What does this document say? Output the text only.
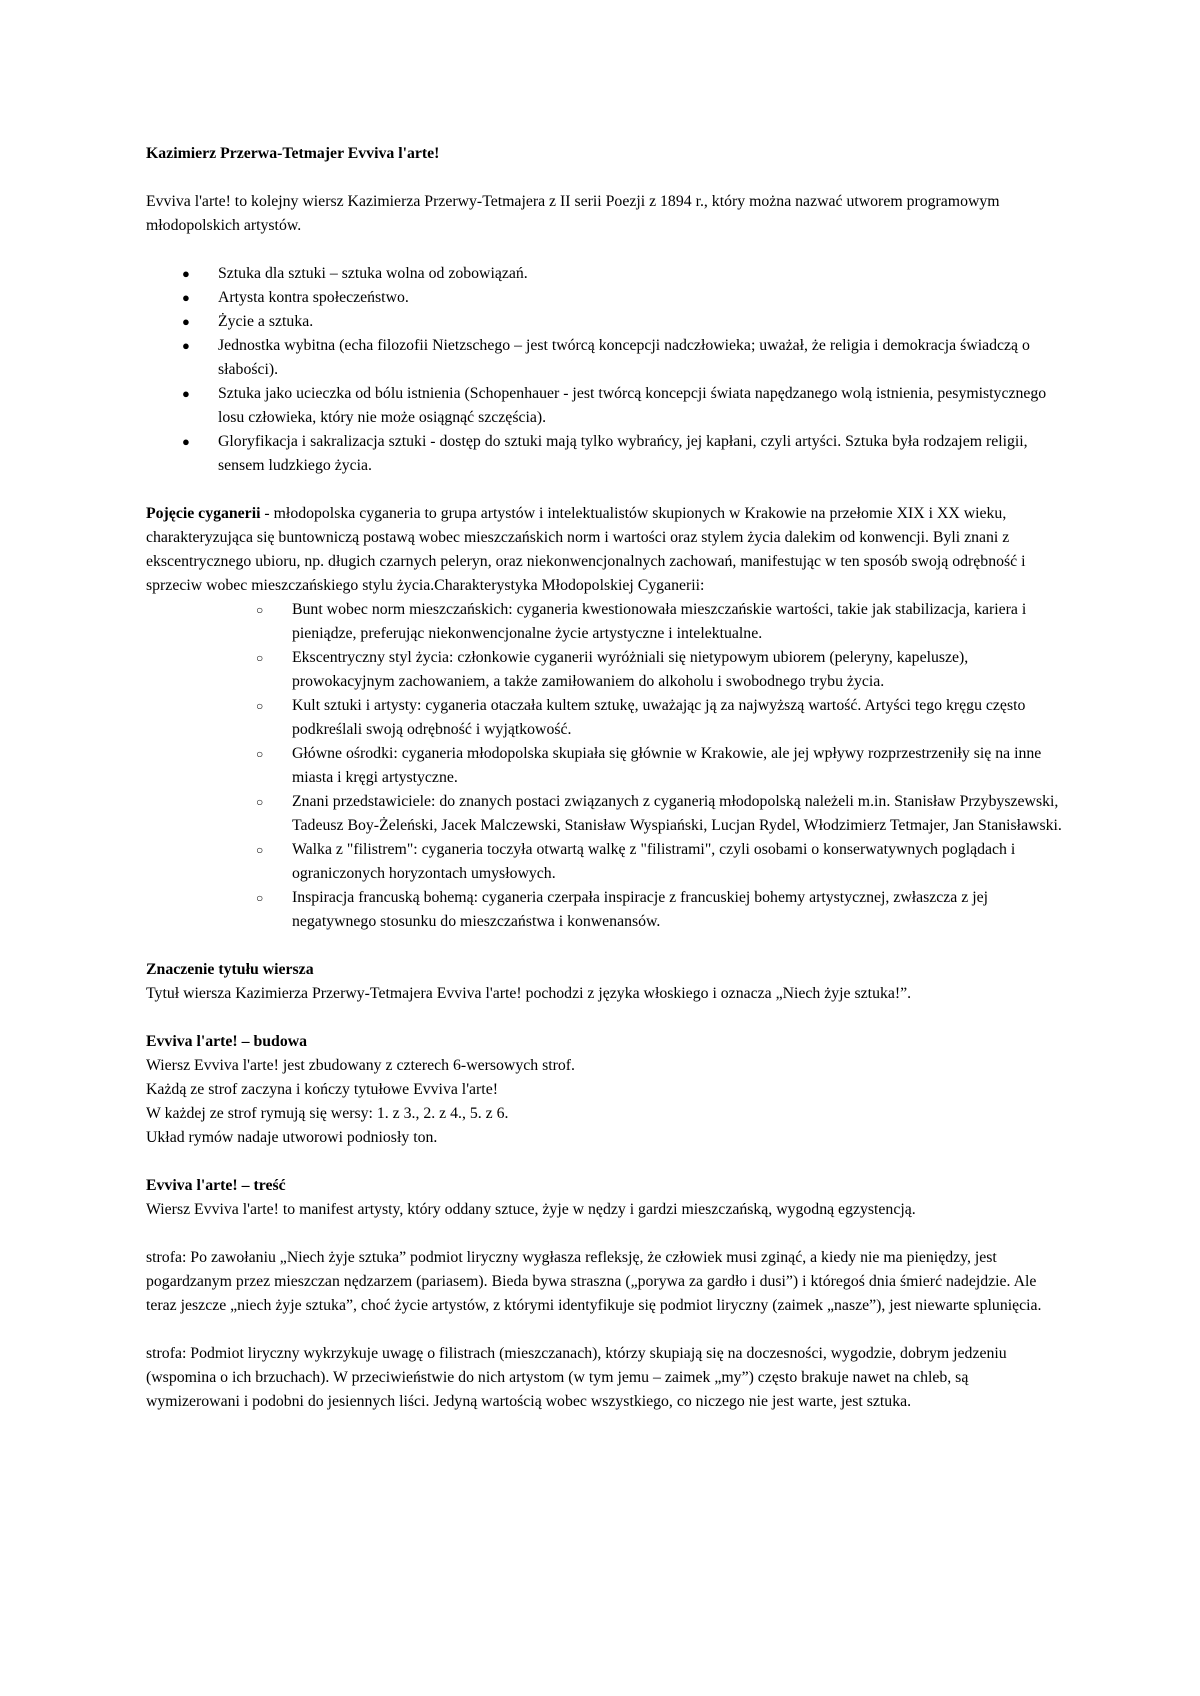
Kazimierz Przerwa-Tetmajer Evviva l'arte!

Evviva l'arte! to kolejny wiersz Kazimierza Przerwy-Tetmajera z II serii Poezji z 1894 r., który można nazwać utworem programowym młodopolskich artystów.

● Sztuka dla sztuki – sztuka wolna od zobowiązań.
● Artysta kontra społeczeństwo.
● Życie a sztuka.
● Jednostka wybitna (echa filozofii Nietzschego – jest twórcą koncepcji nadczłowieka; uważał, że religia i demokracja świadczą o słabości).
● Sztuka jako ucieczka od bólu istnienia (Schopenhauer - jest twórcą koncepcji świata napędzanego wolą istnienia, pesymistycznego losu człowieka, który nie może osiągnąć szczęścia).
● Gloryfikacja i sakralizacja sztuki - dostęp do sztuki mają tylko wybrańcy, jej kapłani, czyli artyści. Sztuka była rodzajem religii, sensem ludzkiego życia.

Pojęcie cyganerii - młodopolska cyganeria to grupa artystów i intelektualistów skupionych w Krakowie na przełomie XIX i XX wieku, charakteryzująca się buntowniczą postawą wobec mieszczańskich norm i wartości oraz stylem życia dalekim od konwencji. Byli znani z ekscentrycznego ubioru, np. długich czarnych peleryn, oraz niekonwencjonalnych zachowań, manifestując w ten sposób swoją odrębność i sprzeciw wobec mieszczańskiego stylu życia.Charakterystyka Młodopolskiej Cyganerii:

○ Bunt wobec norm mieszczańskich: cyganeria kwestionowała mieszczańskie wartości, takie jak stabilizacja, kariera i pieniądze, preferując niekonwencjonalne życie artystyczne i intelektualne.
○ Ekscentryczny styl życia: członkowie cyganerii wyróżniali się nietypowym ubiorem (peleryny, kapelusze), prowokacyjnym zachowaniem, a także zamiłowaniem do alkoholu i swobodnego trybu życia.
○ Kult sztuki i artysty: cyganeria otaczała kultem sztukę, uważając ją za najwyższą wartość. Artyści tego kręgu często podkreślali swoją odrębność i wyjątkowość.
○ Główne ośrodki: cyganeria młodopolska skupiała się głównie w Krakowie, ale jej wpływy rozprzestrzeniły się na inne miasta i kręgi artystyczne.
○ Znani przedstawiciele: do znanych postaci związanych z cyganerią młodopolską należeli m.in. Stanisław Przybyszewski, Tadeusz Boy-Żeleński, Jacek Malczewski, Stanisław Wyspiański, Lucjan Rydel, Włodzimierz Tetmajer, Jan Stanisławski.
○ Walka z "filistrem": cyganeria toczyła otwartą walkę z "filistrami", czyli osobami o konserwatywnych poglądach i ograniczonych horyzontach umysłowych.
○ Inspiracja francuską bohemą: cyganeria czerpała inspiracje z francuskiej bohemy artystycznej, zwłaszcza z jej negatywnego stosunku do mieszczaństwa i konwenansów.

Znaczenie tytułu wiersza

Tytuł wiersza Kazimierza Przerwy-Tetmajera Evviva l'arte! pochodzi z języka włoskiego i oznacza „Niech żyje sztuka!”.

Evviva l'arte! – budowa

Wiersz Evviva l'arte! jest zbudowany z czterech 6-wersowych strof.

Każdą ze strof zaczyna i kończy tytułowe Evviva l'arte!

W każdej ze strof rymują się wersy: 1. z 3., 2. z 4., 5. z 6.

Układ rymów nadaje utworowi podniosły ton.

Evviva l'arte! – treść

Wiersz Evviva l'arte! to manifest artysty, który oddany sztuce, żyje w nędzy i gardzi mieszczańską, wygodną egzystencją.

strofa: Po zawołaniu „Niech żyje sztuka” podmiot liryczny wygłasza refleksję, że człowiek musi zginąć, a kiedy nie ma pieniędzy, jest pogardzanym przez mieszczan nędzarzem (pariasem). Bieda bywa straszna („porywa za gardło i dusi”) i któregoś dnia śmierć nadejdzie. Ale teraz jeszcze „niech żyje sztuka”, choć życie artystów, z którymi identyfikuje się podmiot liryczny (zaimek „nasze”), jest niewarte splunięcia.

strofa: Podmiot liryczny wykrzykuje uwagę o filistrach (mieszczanach), którzy skupiają się na doczesności, wygodzie, dobrym jedzeniu (wspomina o ich brzuchach). W przeciwieństwie do nich artystom (w tym jemu – zaimek „my”) często brakuje nawet na chleb, są wymizerowani i podobni do jesiennych liści. Jedyną wartością wobec wszystkiego, co niczego nie jest warte, jest sztuka.
